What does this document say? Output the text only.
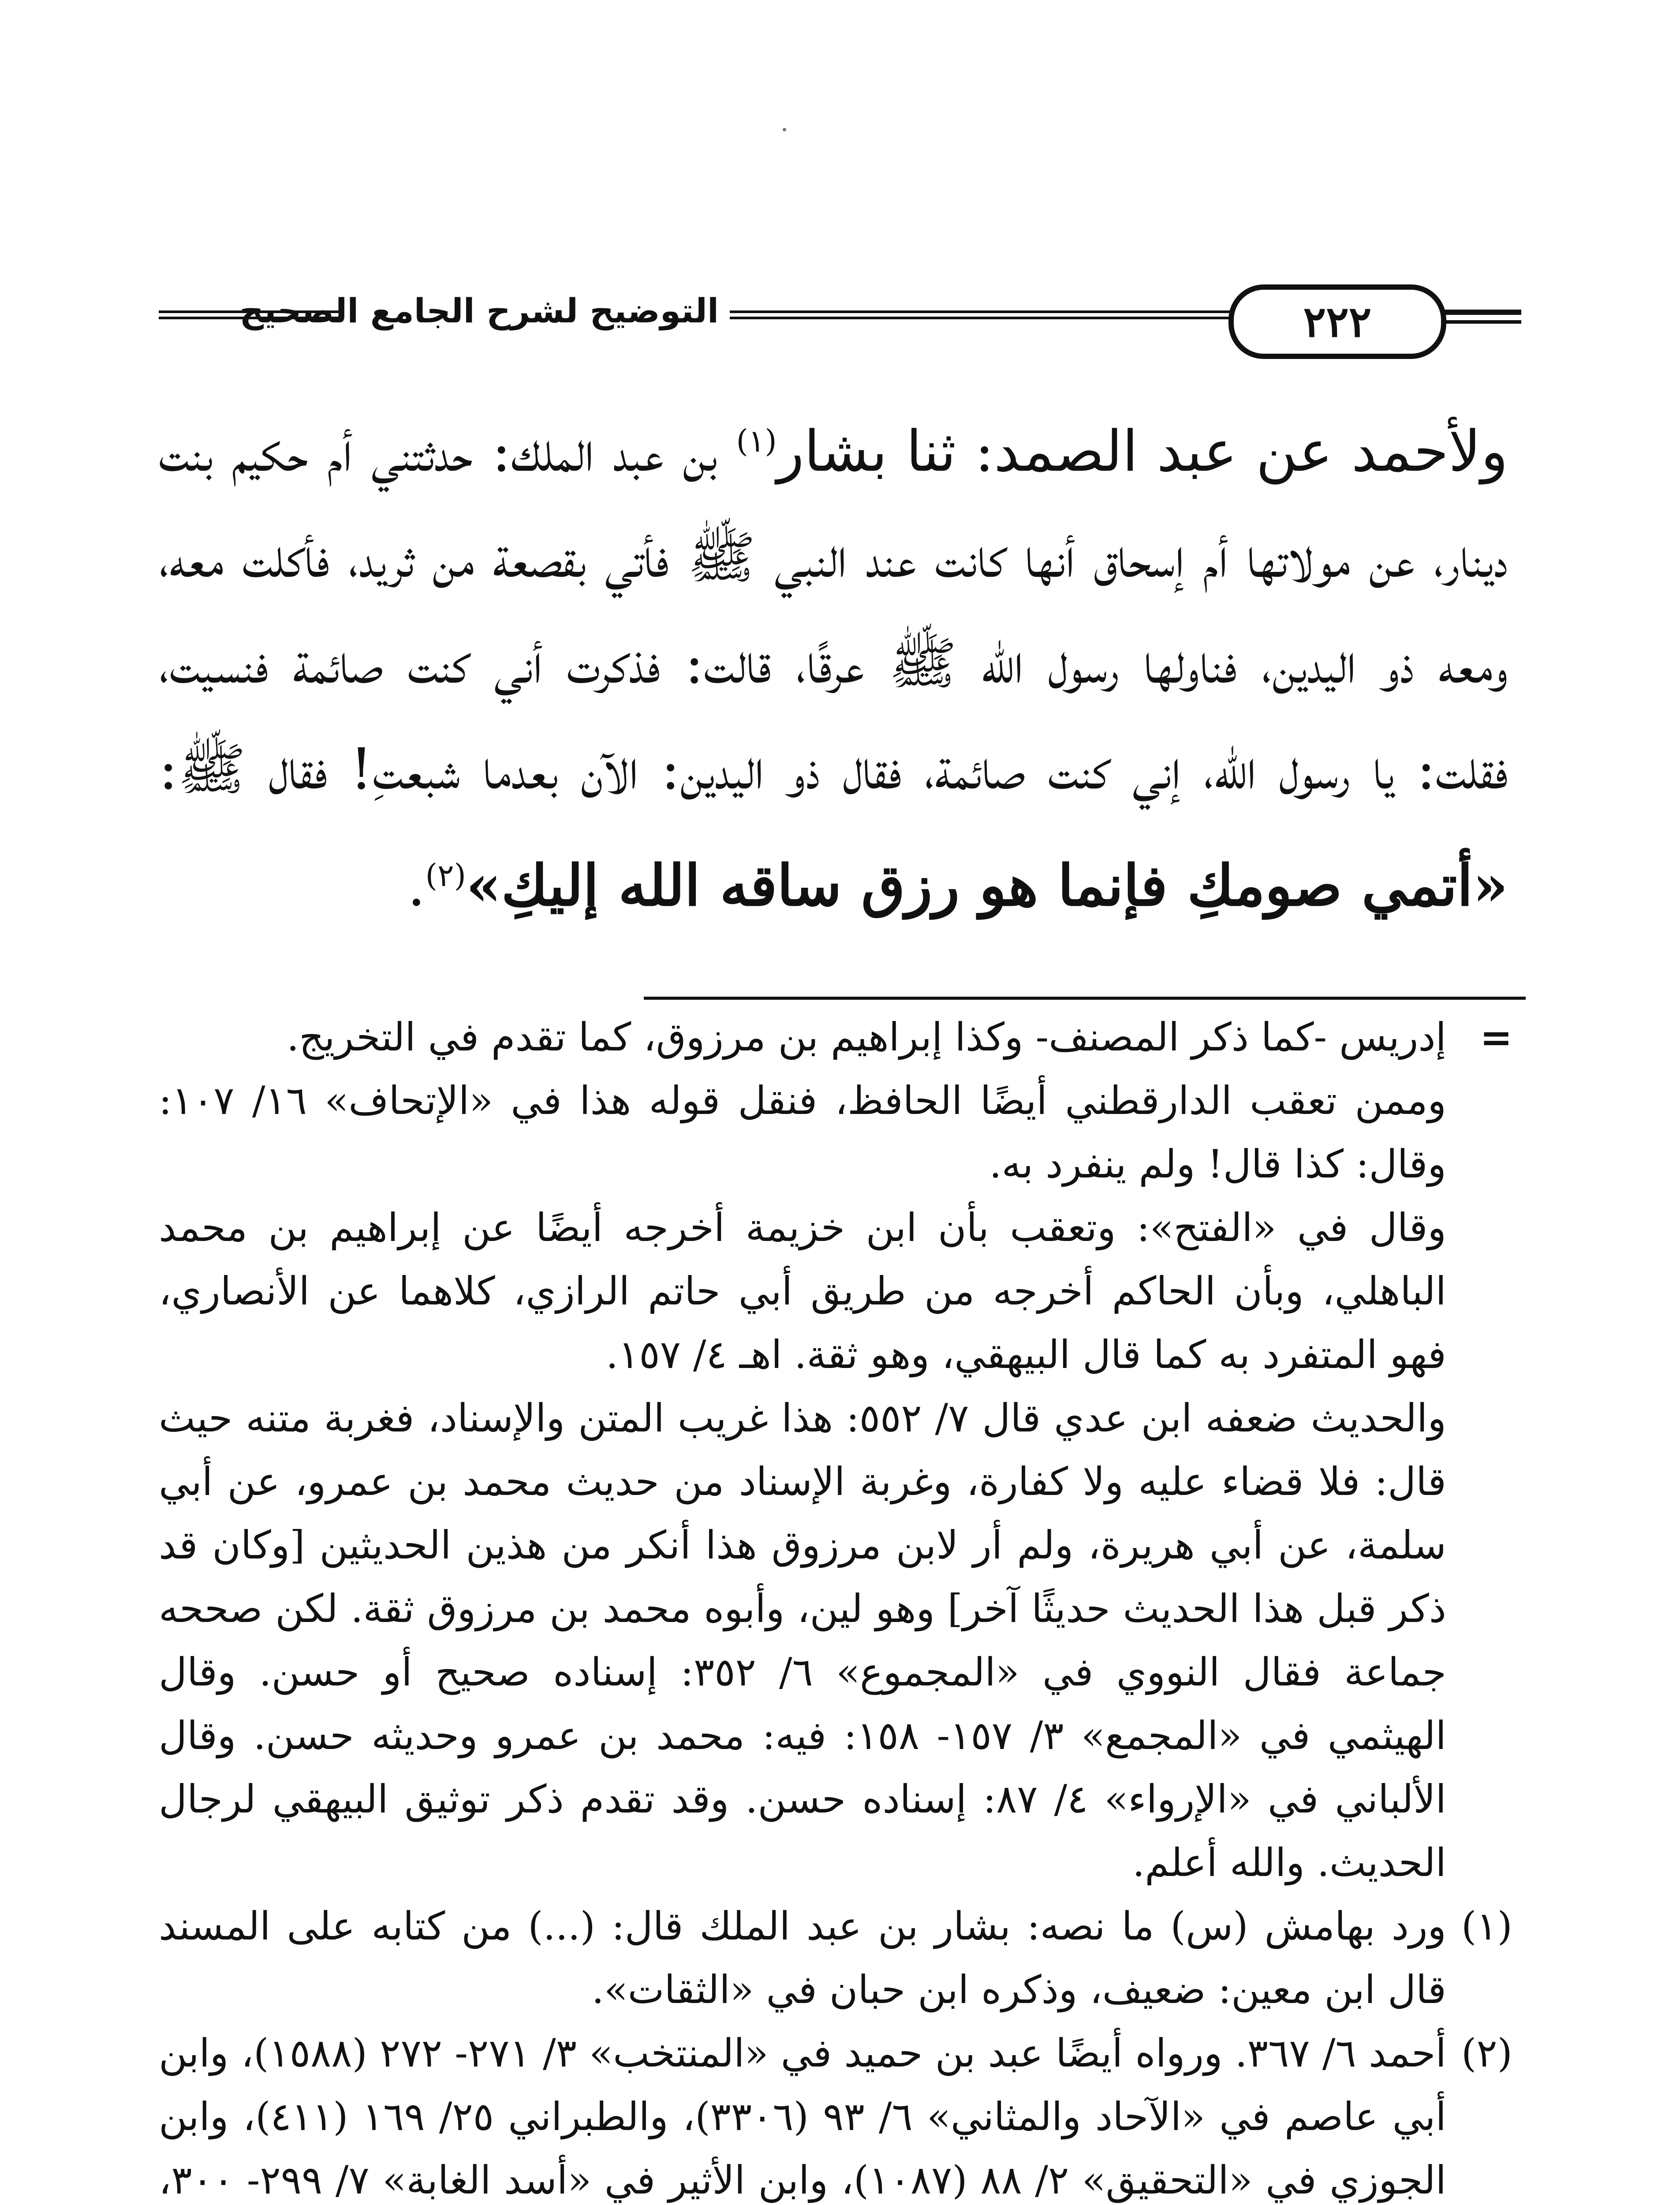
٢٢٢
التوضيح لشرح الجامع الصحيح

ولأحمد عن عبد الصمد: ثنا بشار$^{(١)}$ بن عبد الملك: حدثتني أم حكيم بنت دينار، عن مولاتها أم إسحاق أنها كانت عند النبي ﷺ فأتي بقصعة من ثريد، فأكلت معه، ومعه ذو اليدين، فناولها رسول الله ﷺ عرقًا، قالت: فذكرت أني كنت صائمة فنسيت، فقلت: يا رسول الله، إني كنت صائمة، فقال ذو اليدين: الآن بعدما شبعتِ! فقال ﷺ: «أتمي صومكِ فإنما هو رزق ساقه الله إليكِ»$^{(٢)}$.

=

إدريس -كما ذكر المصنف- وكذا إبراهيم بن مرزوق، كما تقدم في التخريج.

وممن تعقب الدارقطني أيضًا الحافظ، فنقل قوله هذا في «الإتحاف» ١٦/ ١٠٧: وقال: كذا قال! ولم ينفرد به.

وقال في «الفتح»: وتعقب بأن ابن خزيمة أخرجه أيضًا عن إبراهيم بن محمد الباهلي، وبأن الحاكم أخرجه من طريق أبي حاتم الرازي، كلاهما عن الأنصاري، فهو المتفرد به كما قال البيهقي، وهو ثقة. اهـ ٤/ ١٥٧.

والحديث ضعفه ابن عدي قال ٧/ ٥٥٢: هذا غريب المتن والإسناد، فغربة متنه حيث قال: فلا قضاء عليه ولا كفارة، وغربة الإسناد من حديث محمد بن عمرو، عن أبي سلمة، عن أبي هريرة، ولم أر لابن مرزوق هذا أنكر من هذين الحديثين [وكان قد ذكر قبل هذا الحديث حديثًا آخر] وهو لين، وأبوه محمد بن مرزوق ثقة. لكن صححه جماعة فقال النووي في «المجموع» ٦/ ٣٥٢: إسناده صحيح أو حسن. وقال الهيثمي في «المجمع» ٣/ ١٥٧- ١٥٨: فيه: محمد بن عمرو وحديثه حسن. وقال الألباني في «الإرواء» ٤/ ٨٧: إسناده حسن. وقد تقدم ذكر توثيق البيهقي لرجال الحديث. والله أعلم.

(١)

ورد بهامش (س) ما نصه: بشار بن عبد الملك قال: (...) من كتابه على المسند قال ابن معين: ضعيف، وذكره ابن حبان في «الثقات».

(٢)

أحمد ٦/ ٣٦٧. ورواه أيضًا عبد بن حميد في «المنتخب» ٣/ ٢٧١- ٢٧٢ (١٥٨٨)، وابن أبي عاصم في «الآحاد والمثاني» ٦/ ٩٣ (٣٣٠٦)، والطبراني ٢٥/ ١٦٩ (٤١١)، وابن الجوزي في «التحقيق» ٢/ ٨٨ (١٠٨٧)، وابن الأثير في «أسد الغابة» ٧/ ٢٩٩- ٣٠٠،
